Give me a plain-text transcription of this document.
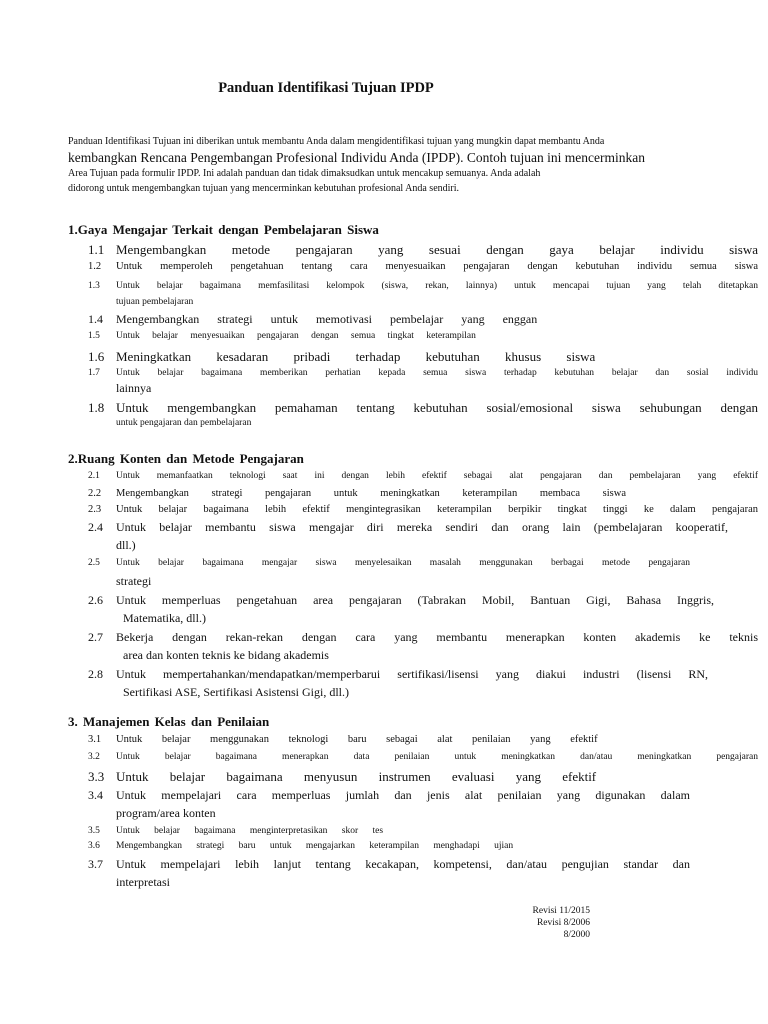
Panduan Identifikasi Tujuan IPDP
Panduan Identifikasi Tujuan ini diberikan untuk membantu Anda dalam mengidentifikasi tujuan yang mungkin dapat membantu Anda
kembangkan Rencana Pengembangan Profesional Individu Anda (IPDP). Contoh tujuan ini mencerminkan
Area Tujuan pada formulir IPDP. Ini adalah panduan dan tidak dimaksudkan untuk mencakup semuanya. Anda adalah
didorong untuk mengembangkan tujuan yang mencerminkan kebutuhan profesional Anda sendiri.
1.Gaya Mengajar Terkait dengan Pembelajaran Siswa
1.1 Mengembangkan metode pengajaran yang sesuai dengan gaya belajar individu siswa
1.2	Untuk memperoleh pengetahuan tentang cara menyesuaikan pengajaran dengan kebutuhan individu semua siswa
1.3	Untuk belajar bagaimana memfasilitasi kelompok (siswa, rekan, lainnya) untuk mencapai tujuan yang telah ditetapkan
tujuan pembelajaran
1.4	Mengembangkan strategi untuk memotivasi pembelajar yang enggan
1.5	Untuk belajar menyesuaikan pengajaran dengan semua tingkat keterampilan
1.6 Meningkatkan kesadaran pribadi terhadap kebutuhan khusus siswa
1.7	Untuk belajar bagaimana memberikan perhatian kepada semua siswa terhadap kebutuhan belajar dan sosial individu
lainnya
1.8 Untuk mengembangkan pemahaman tentang kebutuhan sosial/emosional siswa sehubungan dengan
untuk pengajaran dan pembelajaran
2.Ruang Konten dan Metode Pengajaran
2.1	Untuk memanfaatkan teknologi saat ini dengan lebih efektif sebagai alat pengajaran dan pembelajaran yang efektif
2.2	Mengembangkan strategi pengajaran untuk meningkatkan keterampilan membaca siswa
2.3	Untuk belajar bagaimana lebih efektif mengintegrasikan keterampilan berpikir tingkat tinggi ke dalam pengajaran
2.4	Untuk belajar membantu siswa mengajar diri mereka sendiri dan orang lain (pembelajaran kooperatif,
dll.)
2.5	Untuk belajar bagaimana mengajar siswa menyelesaikan masalah menggunakan berbagai metode pengajaran
strategi
2.6	Untuk memperluas pengetahuan area pengajaran (Tabrakan Mobil, Bantuan Gigi, Bahasa Inggris,
Matematika, dll.)
2.7	Bekerja dengan rekan-rekan dengan cara yang membantu menerapkan konten akademis ke teknis
area dan konten teknis ke bidang akademis
2.8	Untuk mempertahankan/mendapatkan/memperbarui sertifikasi/lisensi yang diakui industri (lisensi RN,
Sertifikasi ASE, Sertifikasi Asistensi Gigi, dll.)
3. Manajemen Kelas dan Penilaian
3.1	Untuk belajar menggunakan teknologi baru sebagai alat penilaian yang efektif
3.2	Untuk belajar bagaimana menerapkan data penilaian untuk meningkatkan dan/atau meningkatkan pengajaran
3.3 Untuk belajar bagaimana menyusun instrumen evaluasi yang efektif
3.4	Untuk mempelajari cara memperluas jumlah dan jenis alat penilaian yang digunakan dalam
program/area konten
3.5	Untuk belajar bagaimana menginterpretasikan skor tes
3.6	Mengembangkan strategi baru untuk mengajarkan keterampilan menghadapi ujian
3.7	Untuk mempelajari lebih lanjut tentang kecakapan, kompetensi, dan/atau pengujian standar dan
interpretasi
Revisi 11/2015
Revisi 8/2006
8/2000
